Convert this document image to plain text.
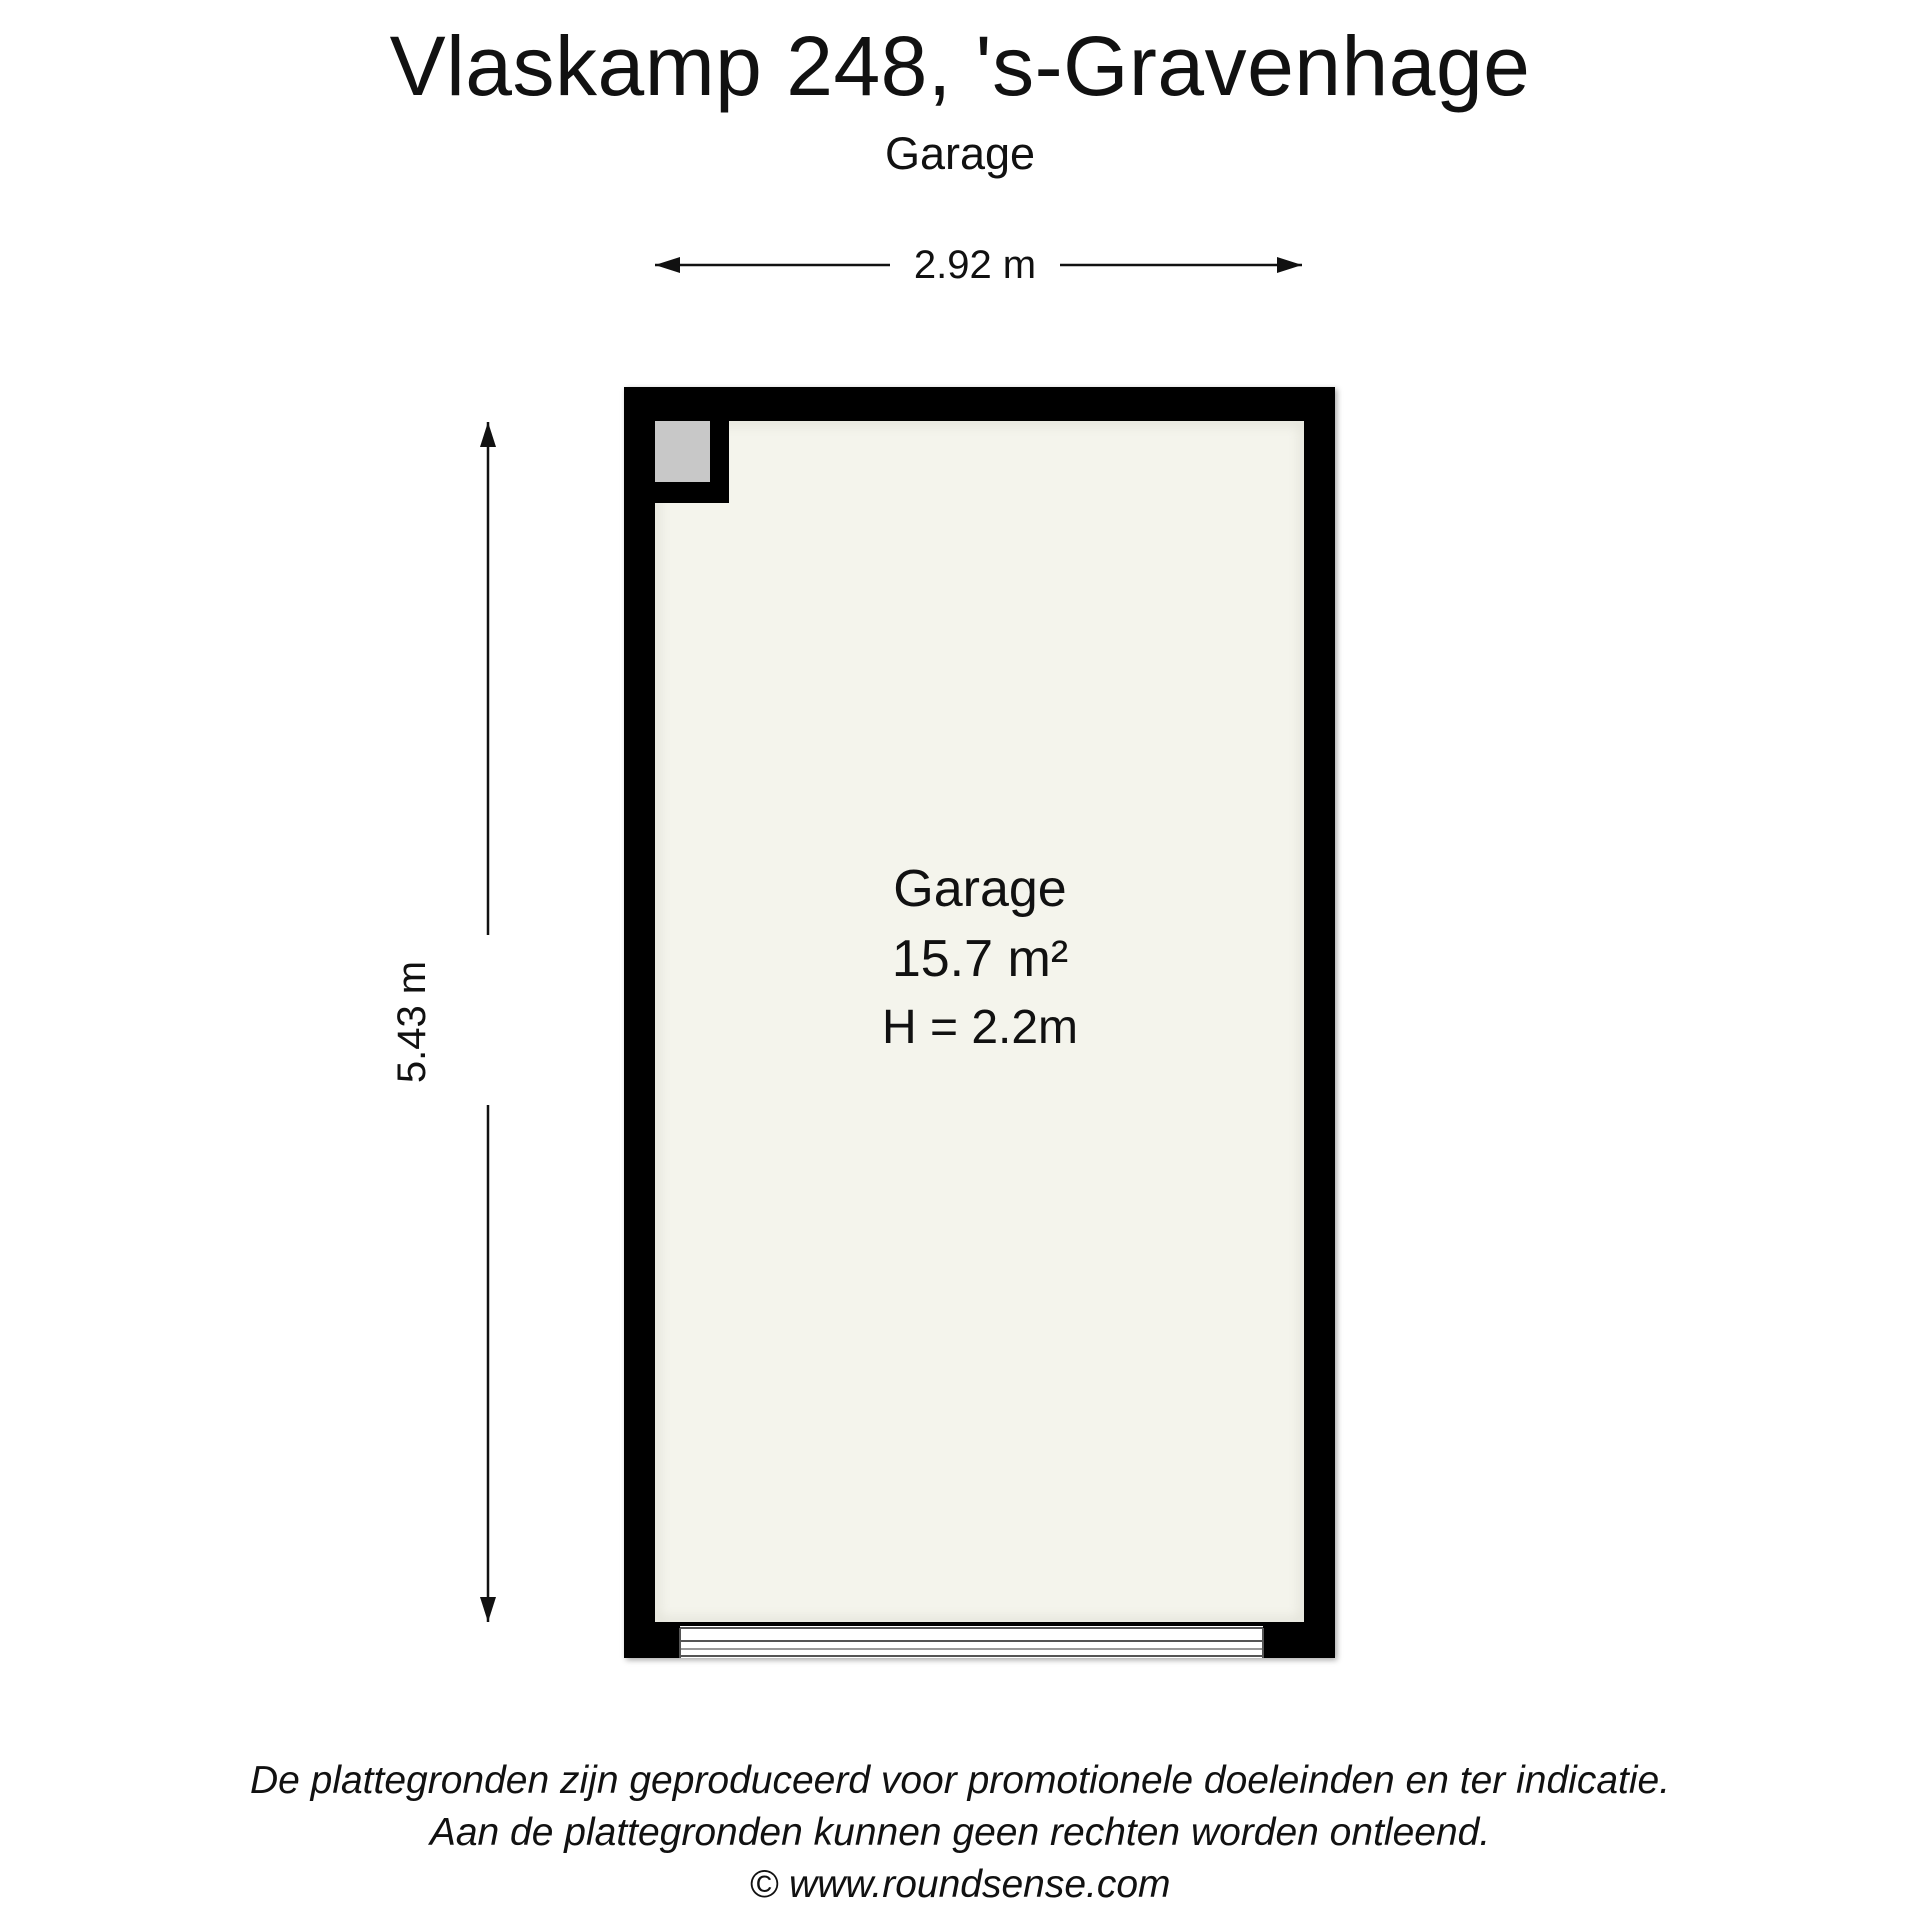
Vlaskamp 248, 's-Gravenhage
Garage
2.92 m
5.43 m
Garage
15.7 m²
H = 2.2m
De plattegronden zijn geproduceerd voor promotionele doeleinden en ter indicatie.
Aan de plattegronden kunnen geen rechten worden ontleend.
© www.roundsense.com
